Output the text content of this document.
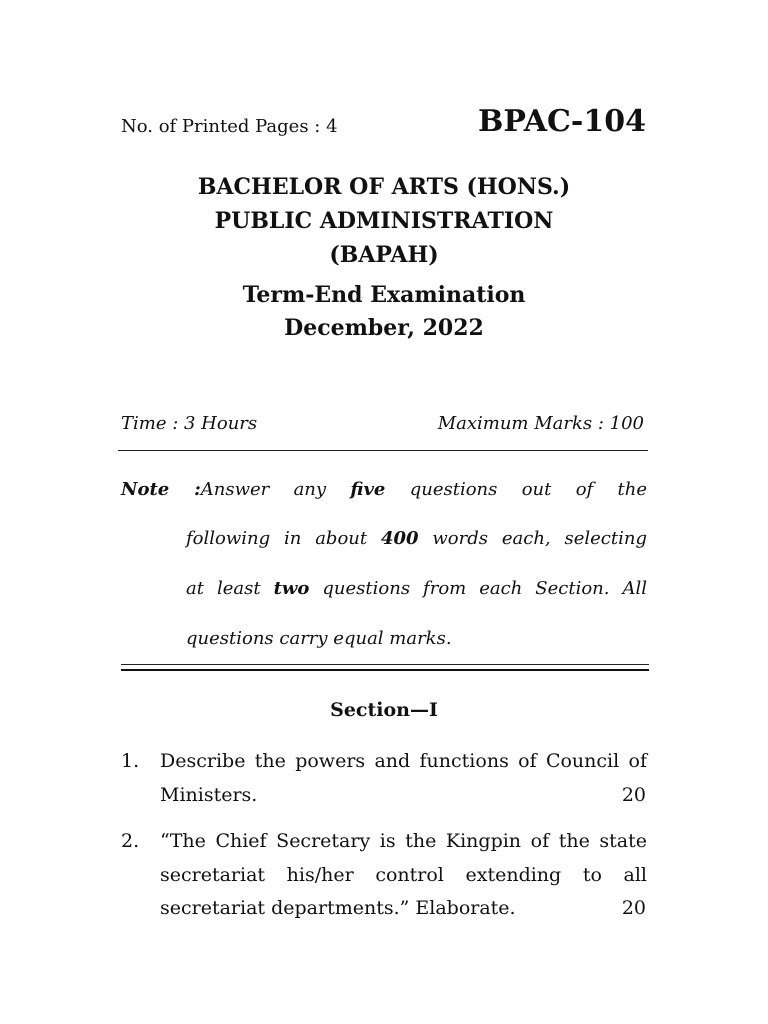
No. of Printed Pages : 4	BPAC-104
BACHELOR OF ARTS (HONS.)
PUBLIC ADMINISTRATION
(BAPAH)
Term-End Examination
December, 2022
Time : 3 Hours	Maximum Marks : 100
Note :Answer any five questions out of the
following in about 400 words each, selecting
at least two questions from each Section. All
questions carry equal marks.
Section—I
1. Describe the powers and functions of Council of
Ministers.	20
2. “The Chief Secretary is the Kingpin of the state
secretariat his/her control extending to all
secretariat departments.” Elaborate.	20
